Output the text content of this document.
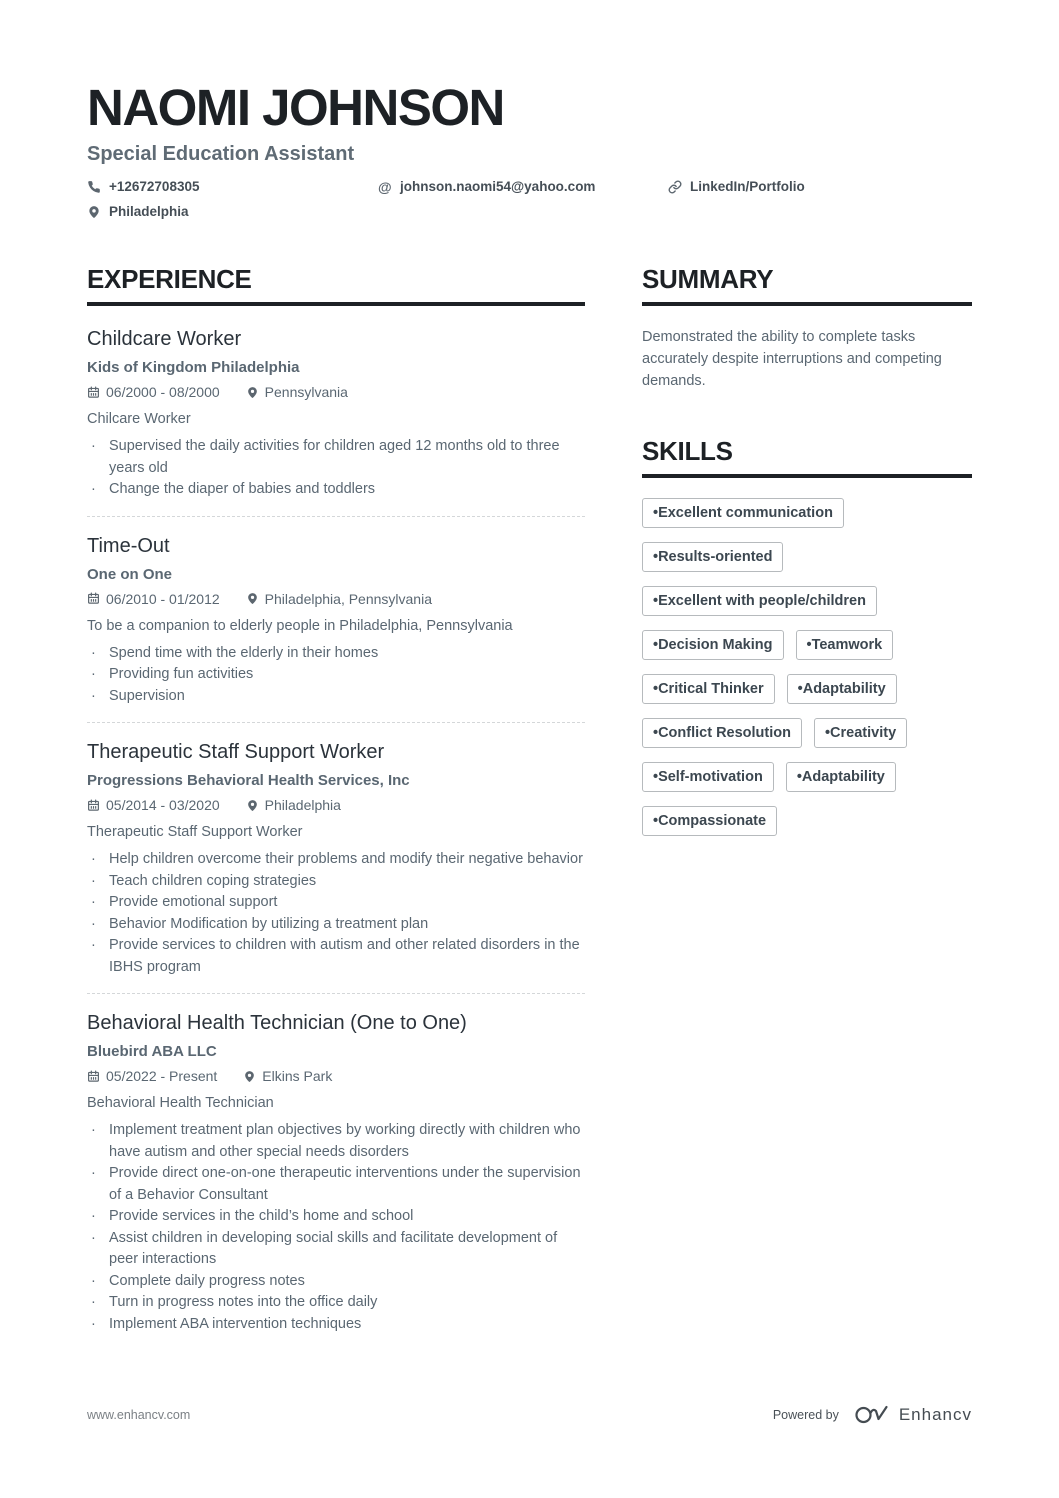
NAOMI JOHNSON
Special Education Assistant
+12672708305	@ johnson.naomi54@yahoo.com	LinkedIn/Portfolio
Philadelphia
EXPERIENCE
Childcare Worker
Kids of Kingdom Philadelphia
06/2000 - 08/2000	Pennsylvania
Chilcare Worker
· Supervised the daily activities for children aged 12 months old to three years old
· Change the diaper of babies and toddlers
Time-Out
One on One
06/2010 - 01/2012	Philadelphia, Pennsylvania
To be a companion to elderly people in Philadelphia, Pennsylvania
· Spend time with the elderly in their homes
· Providing fun activities
· Supervision
Therapeutic Staff Support Worker
Progressions Behavioral Health Services, Inc
05/2014 - 03/2020	Philadelphia
Therapeutic Staff Support Worker
· Help children overcome their problems and modify their negative behavior
· Teach children coping strategies
· Provide emotional support
· Behavior Modification by utilizing a treatment plan
· Provide services to children with autism and other related disorders in the IBHS program
Behavioral Health Technician (One to One)
Bluebird ABA LLC
05/2022 - Present	Elkins Park
Behavioral Health Technician
· Implement treatment plan objectives by working directly with children who have autism and other special needs disorders
· Provide direct one-on-one therapeutic interventions under the supervision of a Behavior Consultant
· Provide services in the child’s home and school
· Assist children in developing social skills and facilitate development of peer interactions
· Complete daily progress notes
· Turn in progress notes into the office daily
· Implement ABA intervention techniques
SUMMARY

Demonstrated the ability to complete tasks accurately despite interruptions and competing demands.

SKILLS
•Excellent communication
•Results-oriented
•Excellent with people/children
•Decision Making	•Teamwork
•Critical Thinker	•Adaptability
•Conflict Resolution	•Creativity
•Self-motivation	•Adaptability
•Compassionate
www.enhancv.com	Powered by	Enhancv
